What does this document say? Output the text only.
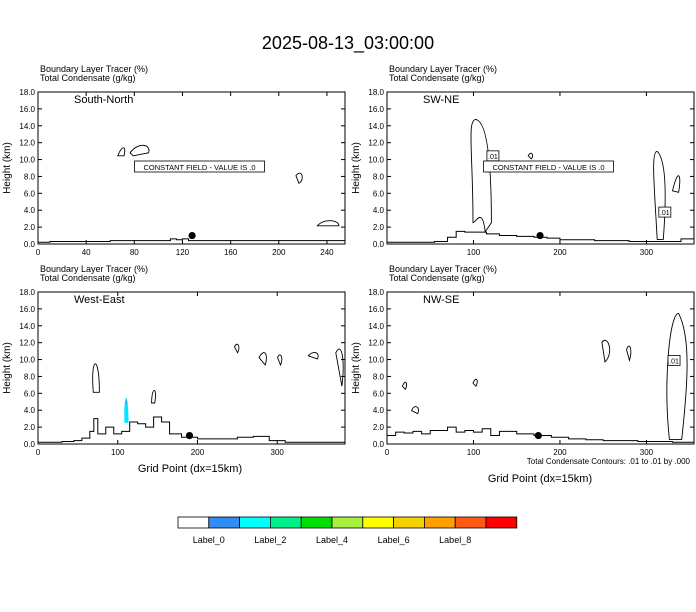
2025-08-13_03:00:00
Boundary Layer Tracer (%)
Total Condensate (g/kg)
0.0
2.0
4.0
6.0
8.0
10.0
12.0
14.0
16.0
18.0
0	40	80	120	160	200	240
Height (km)
South-North
CONSTANT FIELD - VALUE IS .0
Boundary Layer Tracer (%)
Total Condensate (g/kg)
0.0
2.0
4.0
6.0
8.0
10.0
12.0
14.0
16.0
18.0
100	200	300
Height (km)	.01
.01
SW-NE
CONSTANT FIELD - VALUE IS .0
Boundary Layer Tracer (%)
Total Condensate (g/kg)
0.0
2.0
4.0
6.0
8.0
10.0
12.0
14.0
16.0
18.0
0	100	200	300
Height (km)
West-East
Boundary Layer Tracer (%)
Total Condensate (g/kg)
0.0
2.0
4.0
6.0
8.0
10.0
12.0
14.0
16.0
18.0
0	100	200	300
Height (km)	.01
NW-SE
Grid Point (dx=15km)
Grid Point (dx=15km)
Total Condensate Contours: .01 to .01 by .000
Label_0	Label_2	Label_4	Label_6	Label_8
